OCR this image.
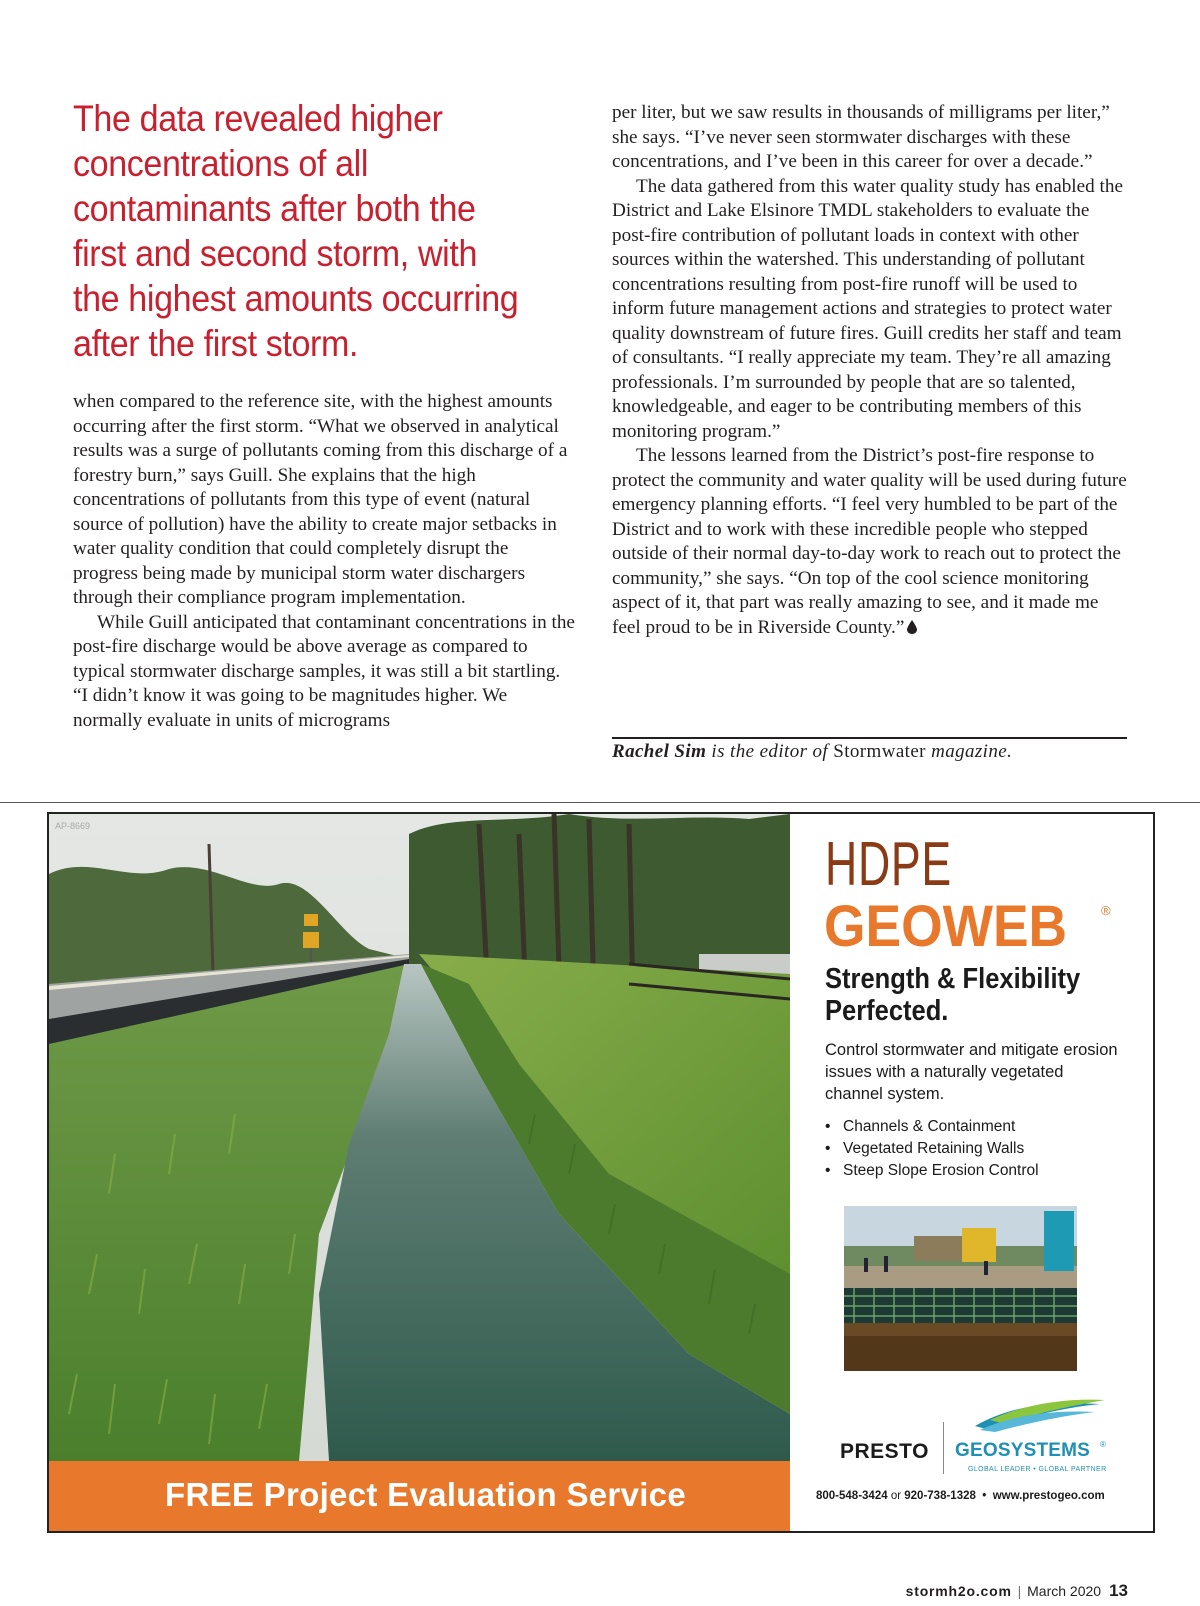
The data revealed higher concentrations of all contaminants after both the first and second storm, with the highest amounts occurring after the first storm.

when compared to the reference site, with the highest amounts occurring after the first storm. “What we observed in analytical results was a surge of pollutants coming from this discharge of a forestry burn,” says Guill. She explains that the high concentrations of pollutants from this type of event (natural source of pollution) have the ability to create major setbacks in water quality condition that could completely disrupt the progress being made by municipal storm water dischargers through their compliance program implementation.

While Guill anticipated that contaminant concentrations in the post-fire discharge would be above average as compared to typical stormwater discharge samples, it was still a bit startling. “I didn’t know it was going to be magnitudes higher. We normally evaluate in units of micrograms

per liter, but we saw results in thousands of milligrams per liter,” she says. “I’ve never seen stormwater discharges with these concentrations, and I’ve been in this career for over a decade.”

The data gathered from this water quality study has enabled the District and Lake Elsinore TMDL stakeholders to evaluate the post-fire contribution of pollutant loads in context with other sources within the watershed. This understanding of pollutant concentrations resulting from post-fire runoff will be used to inform future management actions and strategies to protect water quality downstream of future fires. Guill credits her staff and team of consultants. “I really appreciate my team. They’re all amazing professionals. I’m surrounded by people that are so talented, knowledgeable, and eager to be contributing members of this monitoring program.”

The lessons learned from the District’s post-fire response to protect the community and water quality will be used during future emergency planning efforts. “I feel very humbled to be part of the District and to work with these incredible people who stepped outside of their normal day-to-day work to reach out to protect the community,” she says. “On top of the cool science monitoring aspect of it, that part was really amazing to see, and it made me feel proud to be in Riverside County.”

Rachel Sim is the editor of Stormwater magazine.
AP-8669
FREE Project Evaluation Service
HDPE
GEOWEB	®
Strength & Flexibility
Perfected.
Control stormwater and mitigate erosion issues with a naturally vegetated channel system.
• Channels & Containment
• Vegetated Retaining Walls
• Steep Slope Erosion Control
PRESTO GEOSYSTEMS ®
GLOBAL LEADER • GLOBAL PARTNER
800-548-3424 or 920-738-1328 • www.prestogeo.com
stormh2o.com | March 2020 13
